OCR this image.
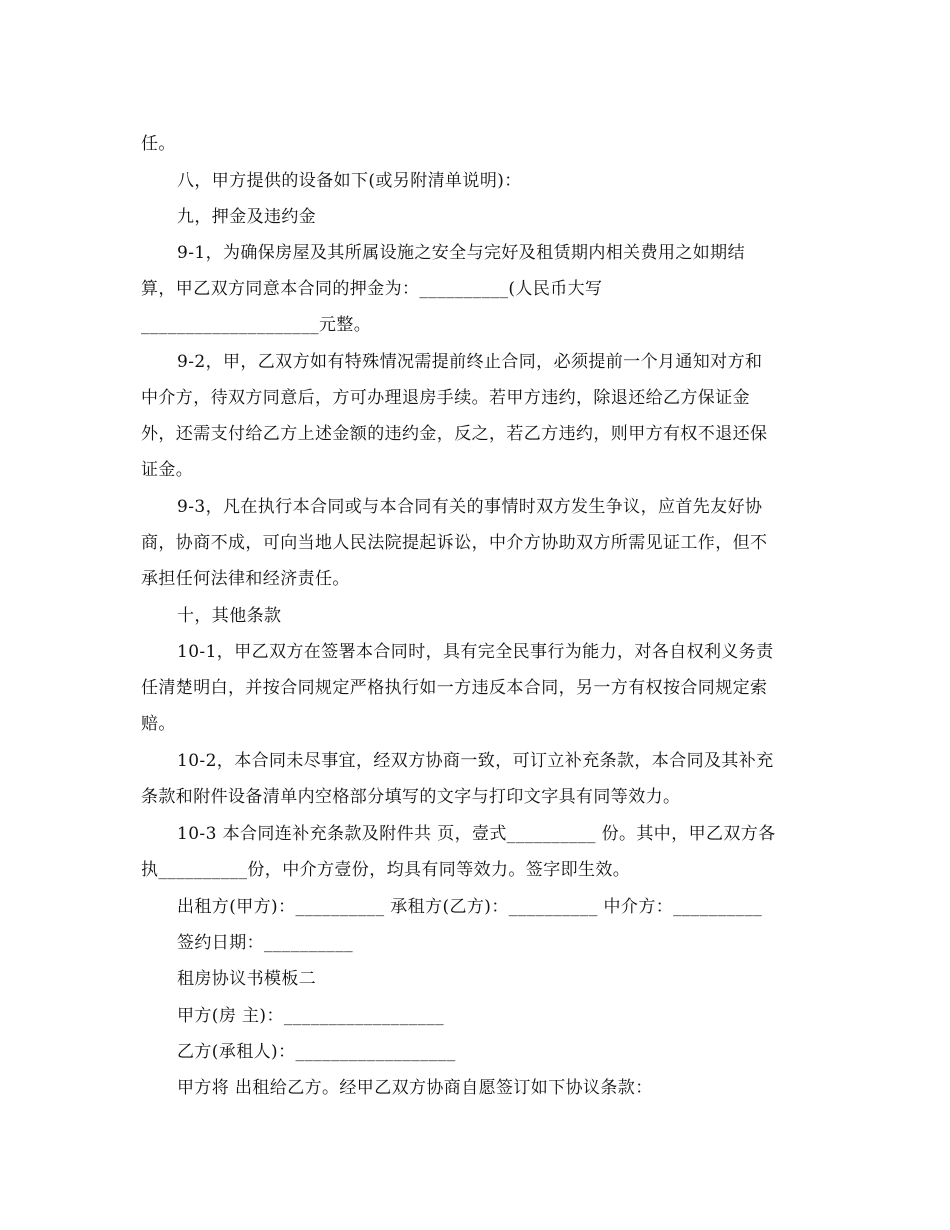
任。
八，甲方提供的设备如下(或另附清单说明)：
九，押金及违约金
9-1，为确保房屋及其所属设施之安全与完好及租赁期内相关费用之如期结
算，甲乙双方同意本合同的押金为：__________(人民币大写
____________________元整。
9-2，甲，乙双方如有特殊情况需提前终止合同，必须提前一个月通知对方和
中介方，待双方同意后，方可办理退房手续。若甲方违约，除退还给乙方保证金
外，还需支付给乙方上述金额的违约金，反之，若乙方违约，则甲方有权不退还保
证金。
9-3，凡在执行本合同或与本合同有关的事情时双方发生争议，应首先友好协
商，协商不成，可向当地人民法院提起诉讼，中介方协助双方所需见证工作，但不
承担任何法律和经济责任。
十，其他条款
10-1，甲乙双方在签署本合同时，具有完全民事行为能力，对各自权利义务责
任清楚明白，并按合同规定严格执行如一方违反本合同，另一方有权按合同规定索
赔。
10-2，本合同未尽事宜，经双方协商一致，可订立补充条款，本合同及其补充
条款和附件设备清单内空格部分填写的文字与打印文字具有同等效力。
10-3 本合同连补充条款及附件共 页，壹式__________ 份。其中，甲乙双方各
执__________份，中介方壹份，均具有同等效力。签字即生效。
出租方(甲方)：__________ 承租方(乙方)：__________ 中介方：__________
签约日期：__________
租房协议书模板二
甲方(房 主)：__________________
乙方(承租人)：__________________
甲方将 出租给乙方。经甲乙双方协商自愿签订如下协议条款：
